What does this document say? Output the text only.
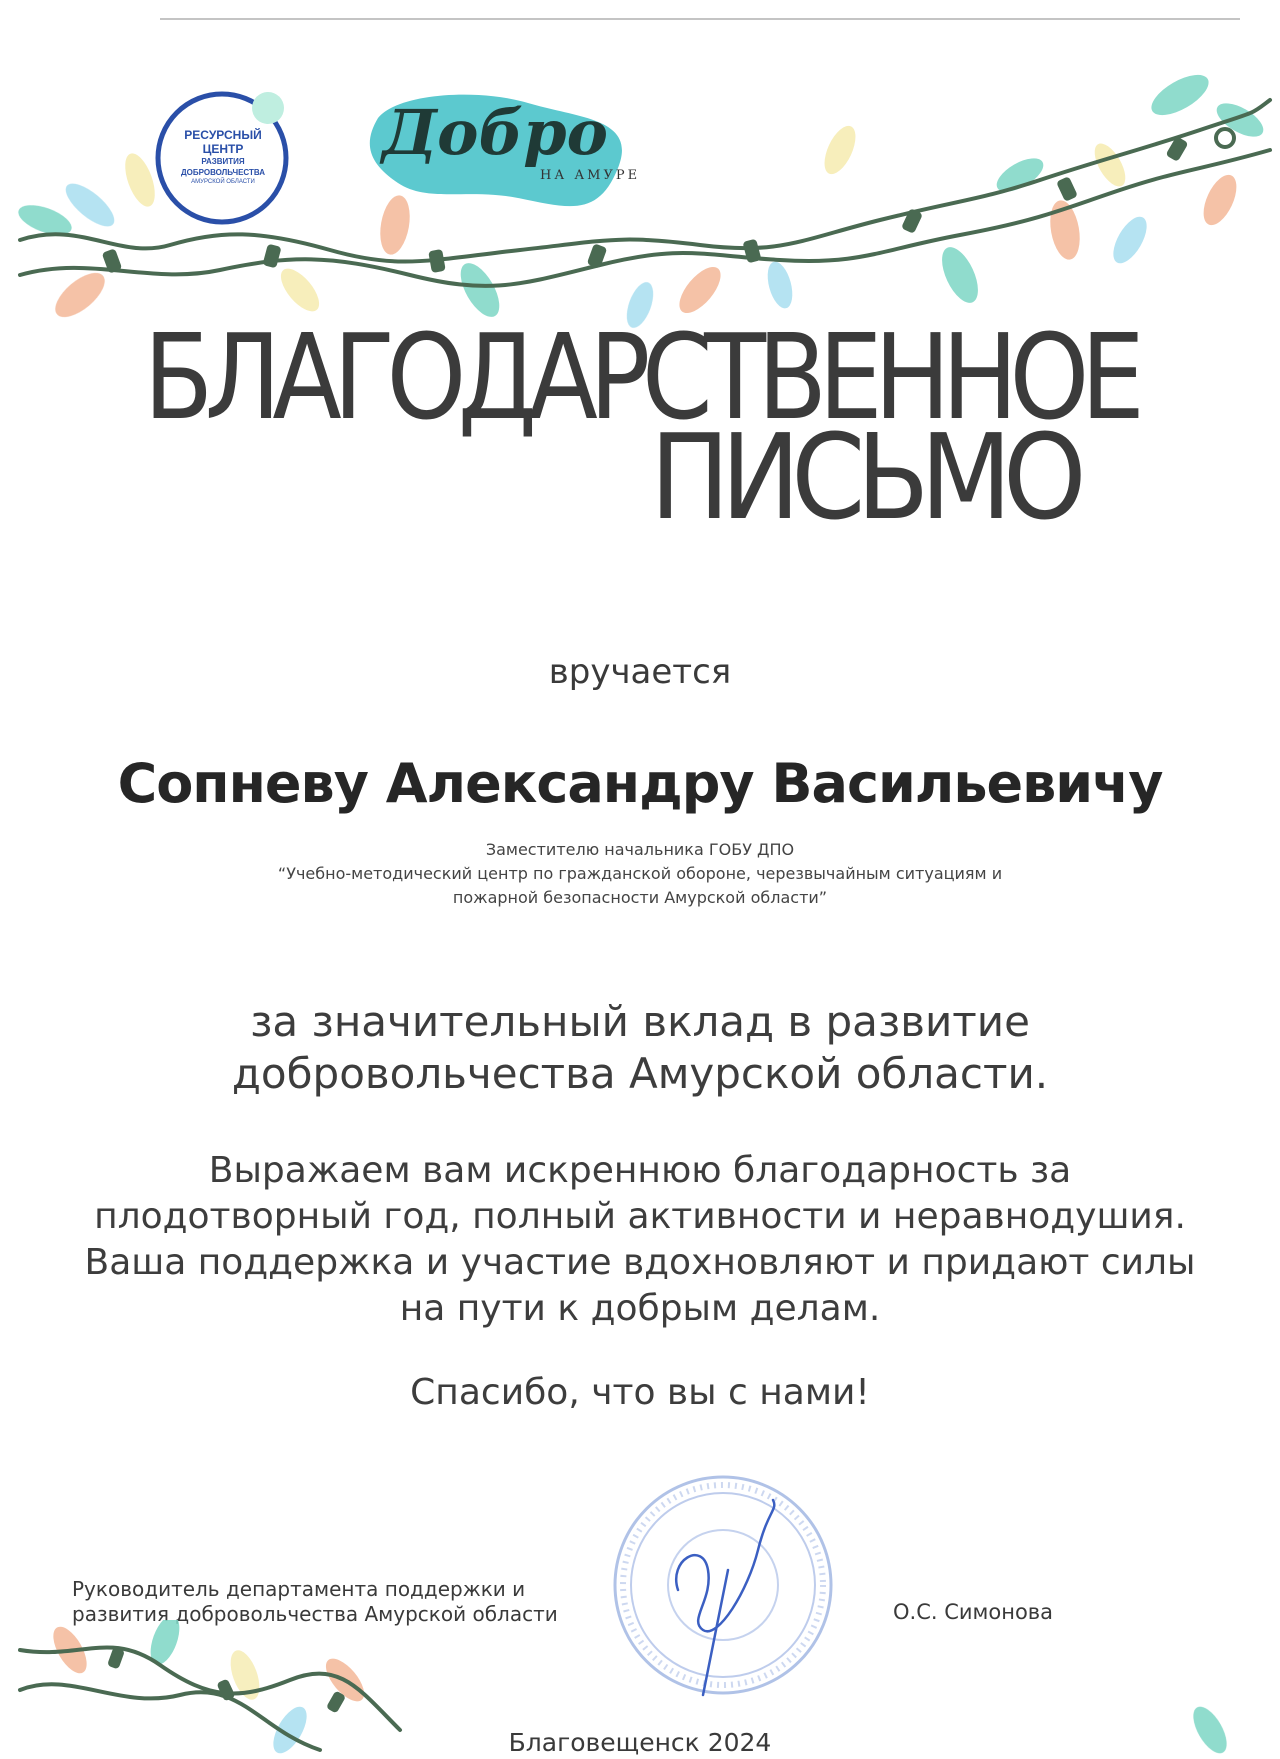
РЕСУРСНЫЙ
ЦЕНТР
РАЗВИТИЯ
ДОБРОВОЛЬЧЕСТВА
АМУРСКОЙ ОБЛАСТИ
Добро
НА АМУРЕ
БЛАГОДАРСТВЕННОЕ
ПИСЬМО
вручается
Сопневу Александру Васильевичу
Заместителю начальника ГОБУ ДПО
“Учебно-методический центр по гражданской обороне, черезвычайным ситуациям и
пожарной безопасности Амурской области”
за значительный вклад в развитие
добровольчества Амурской области.
Выражаем вам искреннюю благодарность за
плодотворный год, полный активности и неравнодушия.
Ваша поддержка и участие вдохновляют и придают силы
на пути к добрым делам.
Спасибо, что вы с нами!
Руководитель департамента поддержки и
развития добровольчества Амурской области	О.С. Симонова
Благовещенск 2024
